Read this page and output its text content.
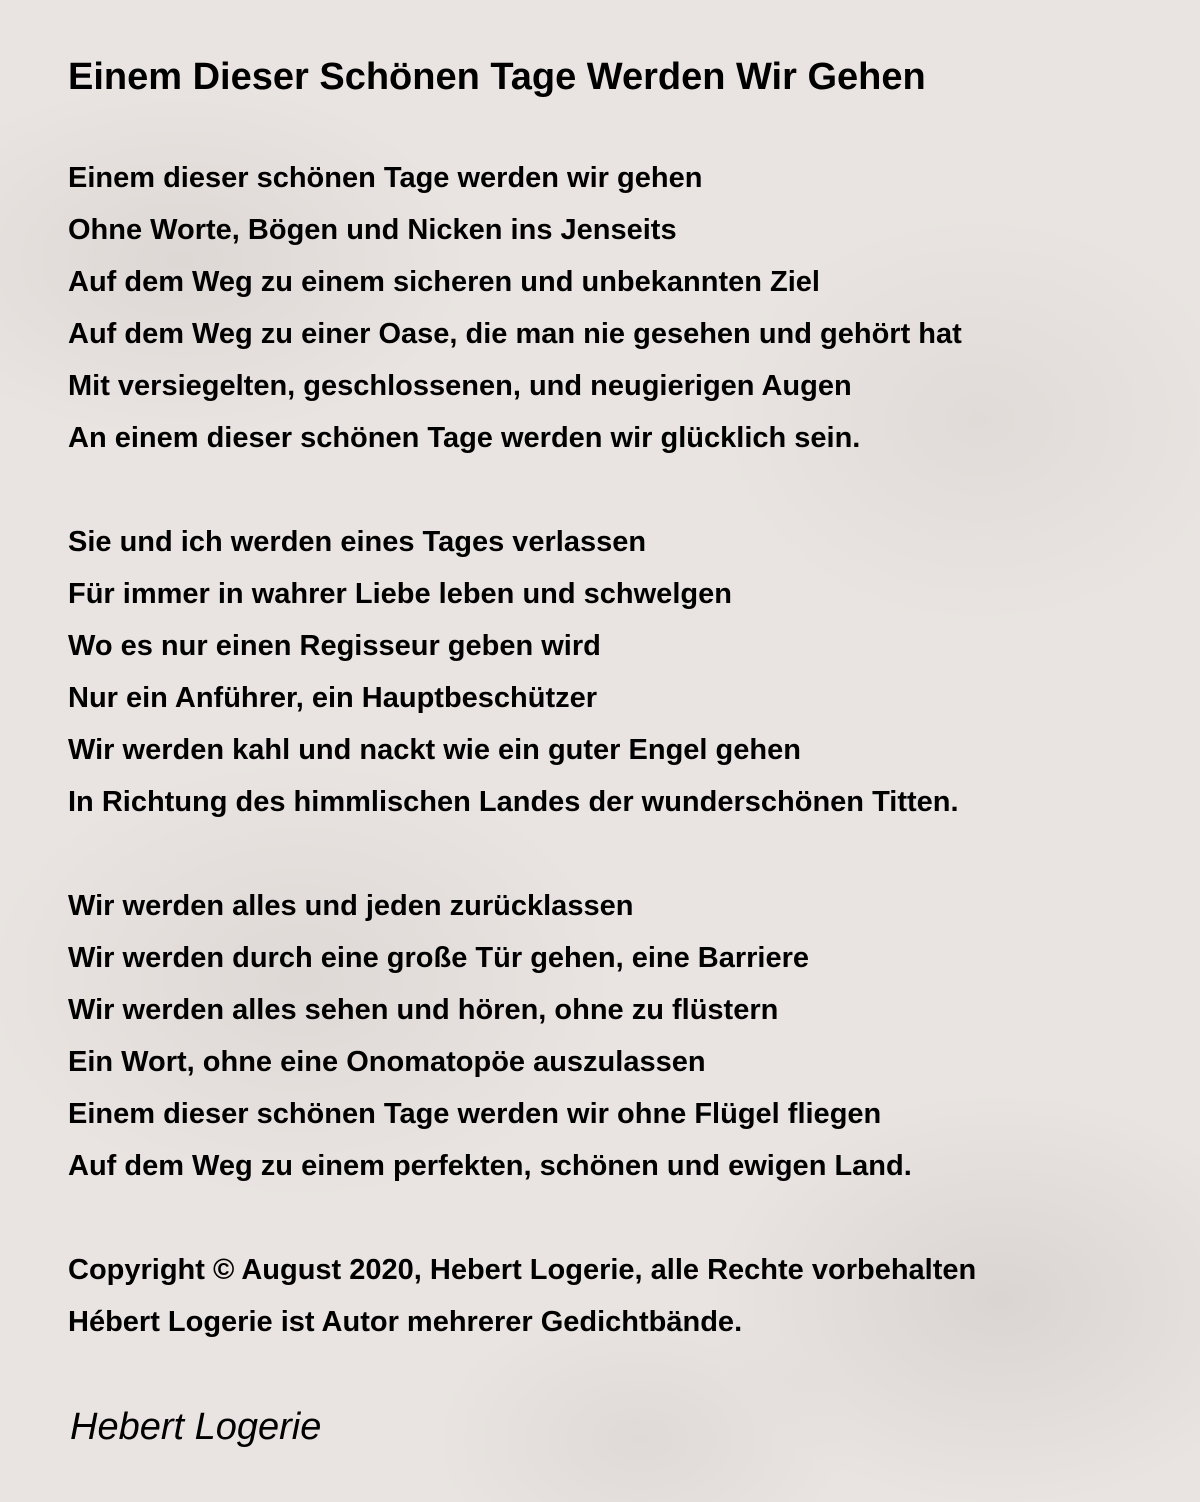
Einem Dieser Schönen Tage Werden Wir Gehen
Einem dieser schönen Tage werden wir gehen
Ohne Worte, Bögen und Nicken ins Jenseits
Auf dem Weg zu einem sicheren und unbekannten Ziel
Auf dem Weg zu einer Oase, die man nie gesehen und gehört hat
Mit versiegelten, geschlossenen, und neugierigen Augen
An einem dieser schönen Tage werden wir glücklich sein.
Sie und ich werden eines Tages verlassen
Für immer in wahrer Liebe leben und schwelgen
Wo es nur einen Regisseur geben wird
Nur ein Anführer, ein Hauptbeschützer
Wir werden kahl und nackt wie ein guter Engel gehen
In Richtung des himmlischen Landes der wunderschönen Titten.
Wir werden alles und jeden zurücklassen
Wir werden durch eine große Tür gehen, eine Barriere
Wir werden alles sehen und hören, ohne zu flüstern
Ein Wort, ohne eine Onomatopöe auszulassen
Einem dieser schönen Tage werden wir ohne Flügel fliegen
Auf dem Weg zu einem perfekten, schönen und ewigen Land.
Copyright © August 2020, Hebert Logerie, alle Rechte vorbehalten
Hébert Logerie ist Autor mehrerer Gedichtbände.
Hebert Logerie
